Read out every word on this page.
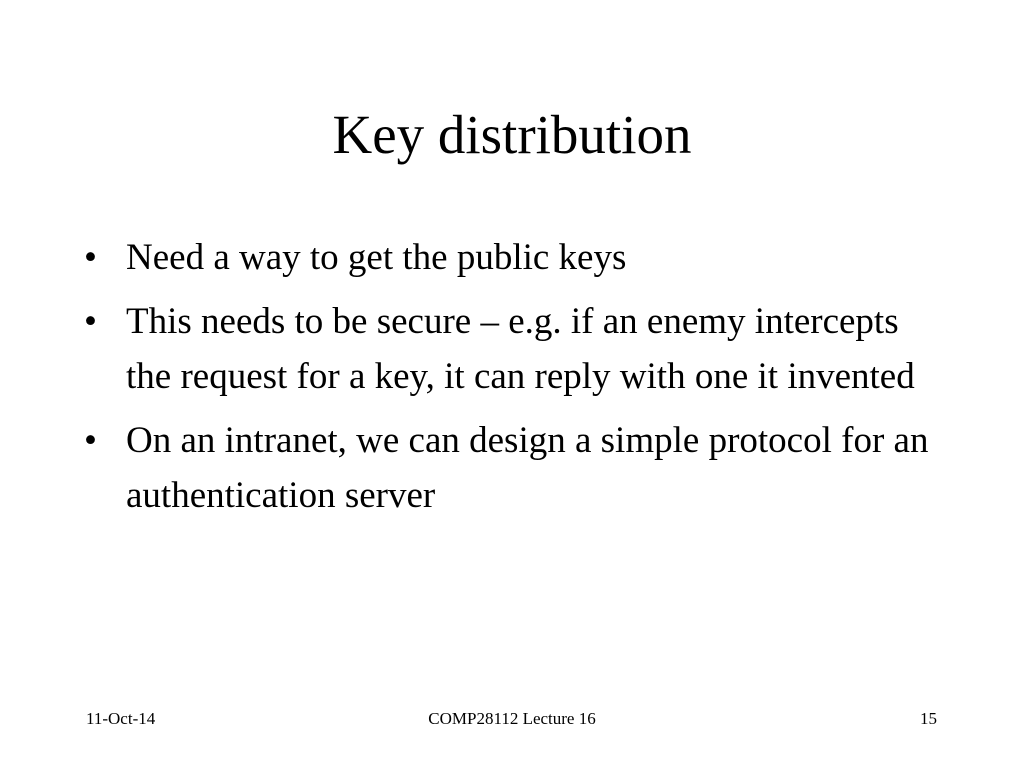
Key distribution
• Need a way to get the public keys
• This needs to be secure – e.g. if an enemy intercepts the request for a key, it can reply with one it invented
• On an intranet, we can design a simple protocol for an authentication server
11-Oct-14	COMP28112 Lecture 16	15
